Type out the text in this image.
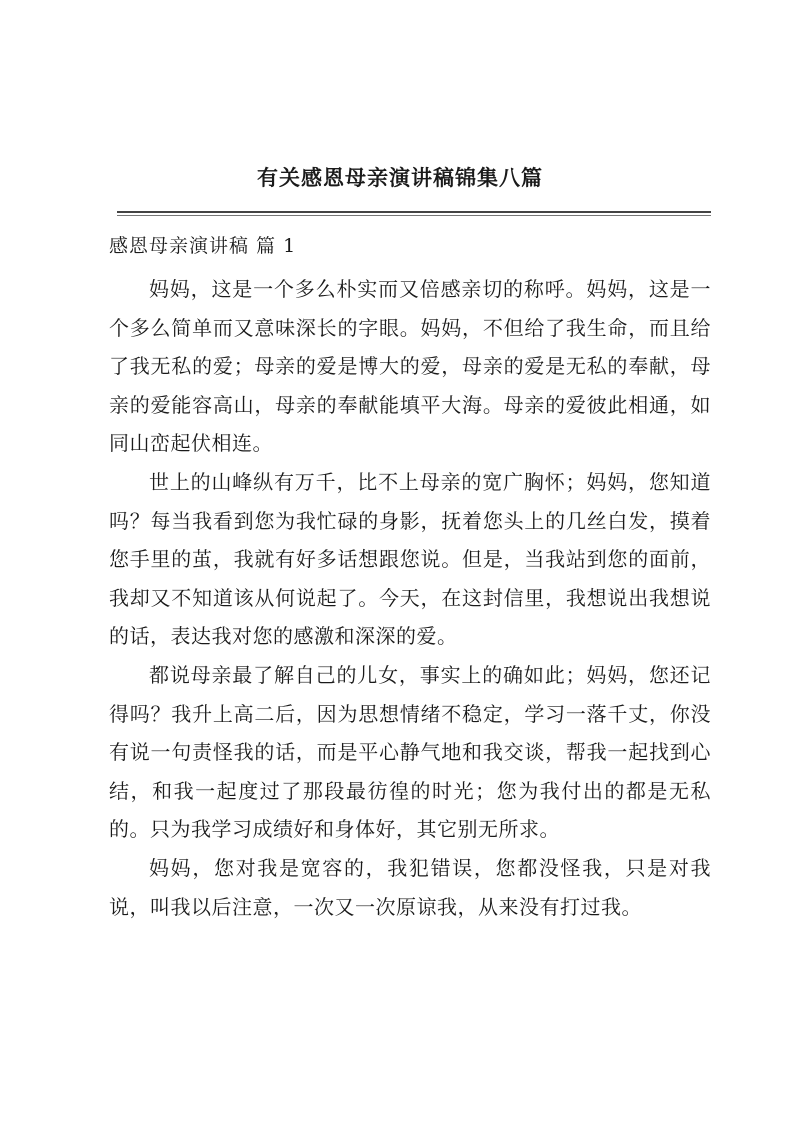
有关感恩母亲演讲稿锦集八篇
感恩母亲演讲稿 篇 1

妈妈，这是一个多么朴实而又倍感亲切的称呼。妈妈，这是一个多么简单而又意味深长的字眼。妈妈，不但给了我生命，而且给了我无私的爱；母亲的爱是博大的爱，母亲的爱是无私的奉献，母亲的爱能容高山，母亲的奉献能填平大海。母亲的爱彼此相通，如同山峦起伏相连。

世上的山峰纵有万千，比不上母亲的宽广胸怀；妈妈，您知道吗？每当我看到您为我忙碌的身影，抚着您头上的几丝白发，摸着您手里的茧，我就有好多话想跟您说。但是，当我站到您的面前，我却又不知道该从何说起了。今天，在这封信里，我想说出我想说的话，表达我对您的感激和深深的爱。

都说母亲最了解自己的儿女，事实上的确如此；妈妈，您还记得吗？我升上高二后，因为思想情绪不稳定，学习一落千丈，你没有说一句责怪我的话，而是平心静气地和我交谈，帮我一起找到心结，和我一起度过了那段最彷徨的时光；您为我付出的都是无私的。只为我学习成绩好和身体好，其它别无所求。

妈妈，您对我是宽容的，我犯错误，您都没怪我，只是对我说，叫我以后注意，一次又一次原谅我，从来没有打过我。
